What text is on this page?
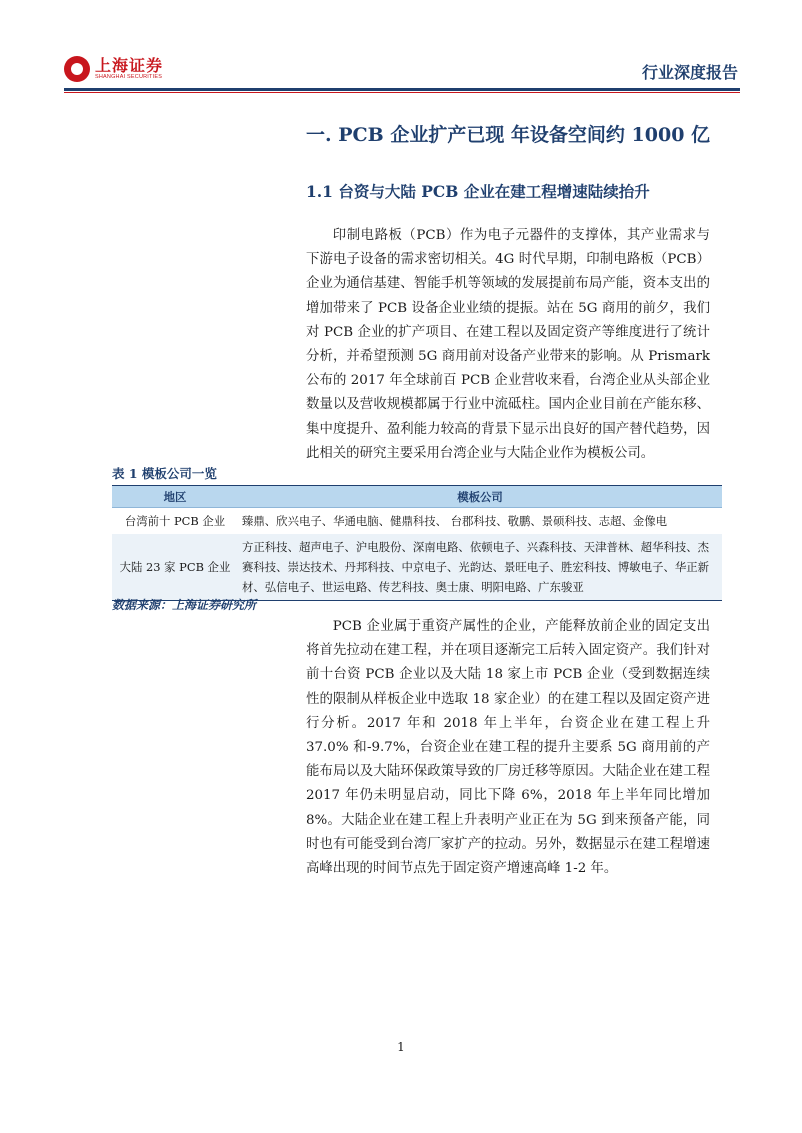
上海证券
SHANGHAI SECURITIES	行业深度报告
一. PCB 企业扩产已现 年设备空间约 1000 亿
1.1 台资与大陆 PCB 企业在建工程增速陆续抬升

印制电路板（PCB）作为电子元器件的支撑体，其产业需求与下游电子设备的需求密切相关。4G 时代早期，印制电路板（PCB）企业为通信基建、智能手机等领域的发展提前布局产能，资本支出的增加带来了 PCB 设备企业业绩的提振。站在 5G 商用的前夕，我们对 PCB 企业的扩产项目、在建工程以及固定资产等维度进行了统计分析，并希望预测 5G 商用前对设备产业带来的影响。从 Prismark 公布的 2017 年全球前百 PCB 企业营收来看，台湾企业从头部企业数量以及营收规模都属于行业中流砥柱。国内企业目前在产能东移、集中度提升、盈利能力较高的背景下显示出良好的国产替代趋势，因此相关的研究主要采用台湾企业与大陆企业作为模板公司。

表 1 模板公司一览
地区	模板公司
台湾前十 PCB 企业	臻鼎、欣兴电子、华通电脑、健鼎科技、 台郡科技、敬鹏、景硕科技、志超、金像电
大陆 23 家 PCB 企业	方正科技、超声电子、沪电股份、深南电路、依顿电子、兴森科技、天津普林、超华科技、杰赛科技、崇达技术、丹邦科技、中京电子、光韵达、景旺电子、胜宏科技、博敏电子、华正新材、弘信电子、世运电路、传艺科技、奥士康、明阳电路、广东骏亚
数据来源：上海证券研究所

PCB 企业属于重资产属性的企业，产能释放前企业的固定支出将首先拉动在建工程，并在项目逐渐完工后转入固定资产。我们针对前十台资 PCB 企业以及大陆 18 家上市 PCB 企业（受到数据连续性的限制从样板企业中选取 18 家企业）的在建工程以及固定资产进行分析。2017 年和 2018 年上半年，台资企业在建工程上升 37.0% 和-9.7%，台资企业在建工程的提升主要系 5G 商用前的产能布局以及大陆环保政策导致的厂房迁移等原因。大陆企业在建工程 2017 年仍未明显启动，同比下降 6%，2018 年上半年同比增加 8%。大陆企业在建工程上升表明产业正在为 5G 到来预备产能，同时也有可能受到台湾厂家扩产的拉动。另外，数据显示在建工程增速高峰出现的时间节点先于固定资产增速高峰 1-2 年。

1
